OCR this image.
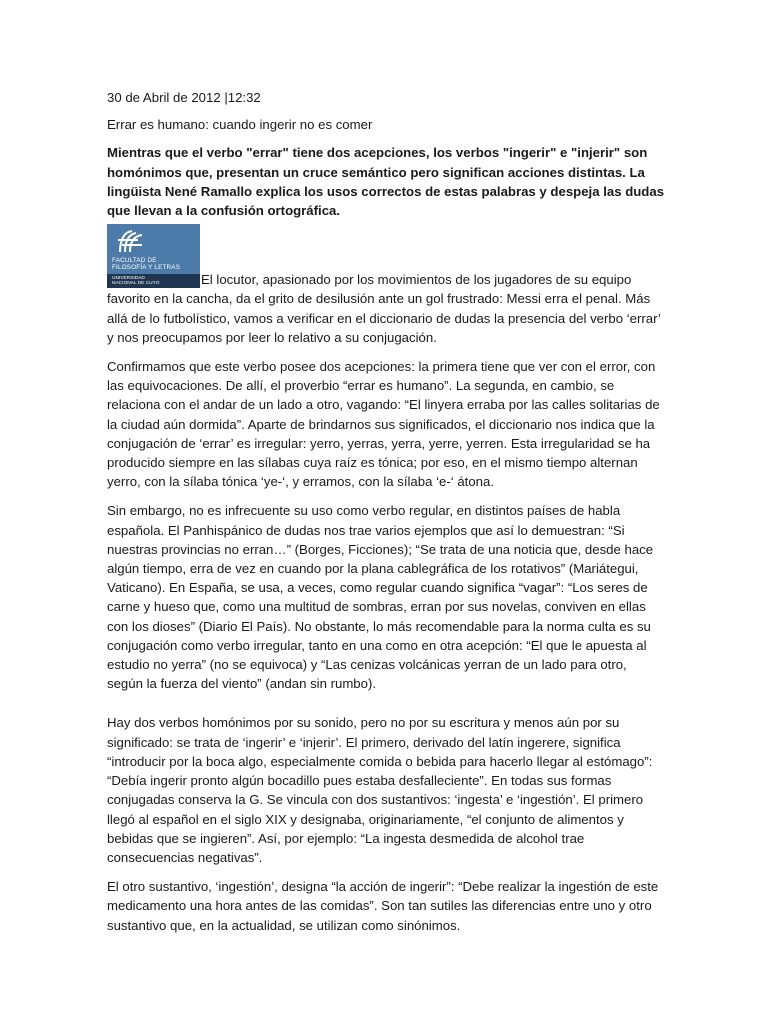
30 de Abril de 2012 |12:32

Errar es humano: cuando ingerir no es comer

Mientras que el verbo "errar" tiene dos acepciones, los verbos "ingerir" e "injerir" son homónimos que, presentan un cruce semántico pero significan acciones distintas. La lingüista Nené Ramallo explica los usos correctos de estas palabras y despeja las dudas que llevan a la confusión ortográfica.

FACULTAD DE
FILOSOFÍA Y LETRAS
UNIVERSIDAD
NACIONAL DE CUYO	El locutor, apasionado por los movimientos de los jugadores de su equipo favorito en la cancha, da el grito de desilusión ante un gol frustrado: Messi erra el penal. Más allá de lo futbolístico, vamos a verificar en el diccionario de dudas la presencia del verbo ‘errar’ y nos preocupamos por leer lo relativo a su conjugación.

Confirmamos que este verbo posee dos acepciones: la primera tiene que ver con el error, con las equivocaciones. De allí, el proverbio “errar es humano”. La segunda, en cambio, se relaciona con el andar de un lado a otro, vagando: “El linyera erraba por las calles solitarias de la ciudad aún dormida”. Aparte de brindarnos sus significados, el diccionario nos indica que la conjugación de ‘errar’ es irregular: yerro, yerras, yerra, yerre, yerren. Esta irregularidad se ha producido siempre en las sílabas cuya raíz es tónica; por eso, en el mismo tiempo alternan yerro, con la sílaba tónica ‘ye-‘, y erramos, con la sílaba ‘e-‘ átona.

Sin embargo, no es infrecuente su uso como verbo regular, en distintos países de habla española. El Panhispánico de dudas nos trae varios ejemplos que así lo demuestran: “Si nuestras provincias no erran…” (Borges, Ficciones); “Se trata de una noticia que, desde hace algún tiempo, erra de vez en cuando por la plana cablegráfica de los rotativos” (Mariátegui, Vaticano). En España, se usa, a veces, como regular cuando significa “vagar”: “Los seres de carne y hueso que, como una multitud de sombras, erran por sus novelas, conviven en ellas con los dioses” (Diario El País). No obstante, lo más recomendable para la norma culta es su conjugación como verbo irregular, tanto en una como en otra acepción: “El que le apuesta al estudio no yerra” (no se equivoca) y “Las cenizas volcánicas yerran de un lado para otro, según la fuerza del viento” (andan sin rumbo).

Hay dos verbos homónimos por su sonido, pero no por su escritura y menos aún por su significado: se trata de ‘ingerir’ e ‘injerir’. El primero, derivado del latín ingerere, significa “introducir por la boca algo, especialmente comida o bebida para hacerlo llegar al estómago”: “Debía ingerir pronto algún bocadillo pues estaba desfalleciente”. En todas sus formas conjugadas conserva la G. Se vincula con dos sustantivos: ‘ingesta’ e ‘ingestión’. El primero llegó al español en el siglo XIX y designaba, originariamente, “el conjunto de alimentos y bebidas que se ingieren”. Así, por ejemplo: “La ingesta desmedida de alcohol trae consecuencias negativas”.

El otro sustantivo, ‘ingestión’, designa “la acción de ingerir”: “Debe realizar la ingestión de este medicamento una hora antes de las comidas”. Son tan sutiles las diferencias entre uno y otro sustantivo que, en la actualidad, se utilizan como sinónimos.
